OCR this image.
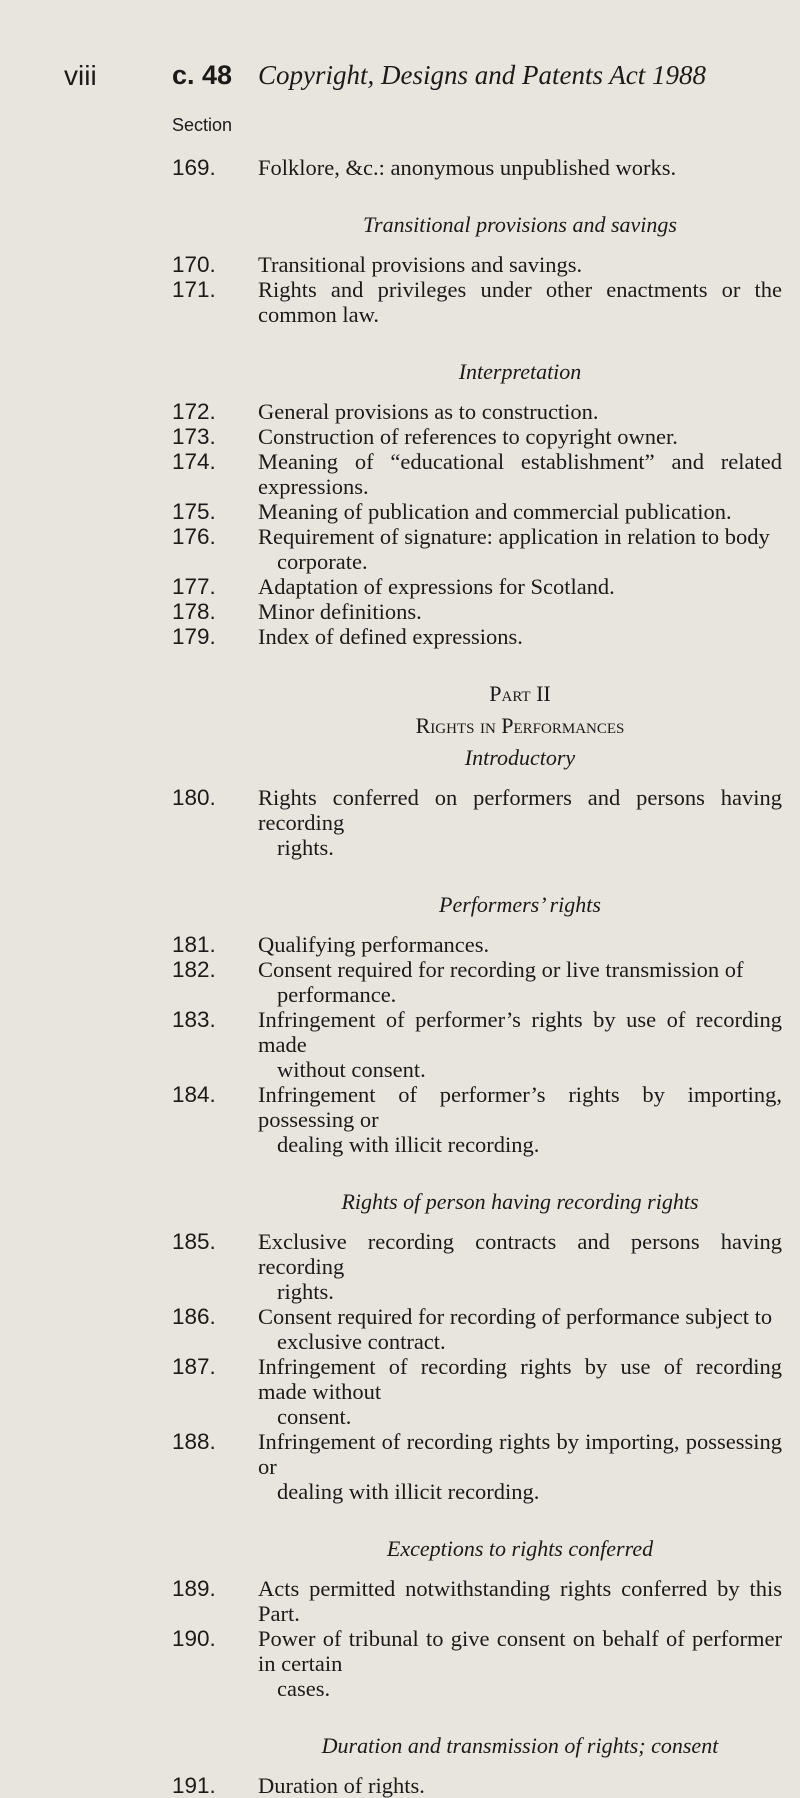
viii	c. 48 Copyright, Designs and Patents Act 1988
Section
169. Folklore, &c.: anonymous unpublished works.
Transitional provisions and savings
170. Transitional provisions and savings.
171. Rights and privileges under other enactments or the common law.
Interpretation
172. General provisions as to construction.
173. Construction of references to copyright owner.
174. Meaning of “educational establishment” and related expressions.
175. Meaning of publication and commercial publication.
176. Requirement of signature: application in relation to body
corporate.
177. Adaptation of expressions for Scotland.
178. Minor definitions.
179. Index of defined expressions.
Part II
Rights in Performances
Introductory
180. Rights conferred on performers and persons having recording
rights.
Performers’ rights
181. Qualifying performances.
182. Consent required for recording or live transmission of
performance.
183. Infringement of performer’s rights by use of recording made
without consent.
184. Infringement of performer’s rights by importing, possessing or
dealing with illicit recording.
Rights of person having recording rights
185. Exclusive recording contracts and persons having recording
rights.
186. Consent required for recording of performance subject to
exclusive contract.
187. Infringement of recording rights by use of recording made without
consent.
188. Infringement of recording rights by importing, possessing or
dealing with illicit recording.
Exceptions to rights conferred
189. Acts permitted notwithstanding rights conferred by this Part.
190. Power of tribunal to give consent on behalf of performer in certain
cases.
Duration and transmission of rights; consent
191. Duration of rights.
